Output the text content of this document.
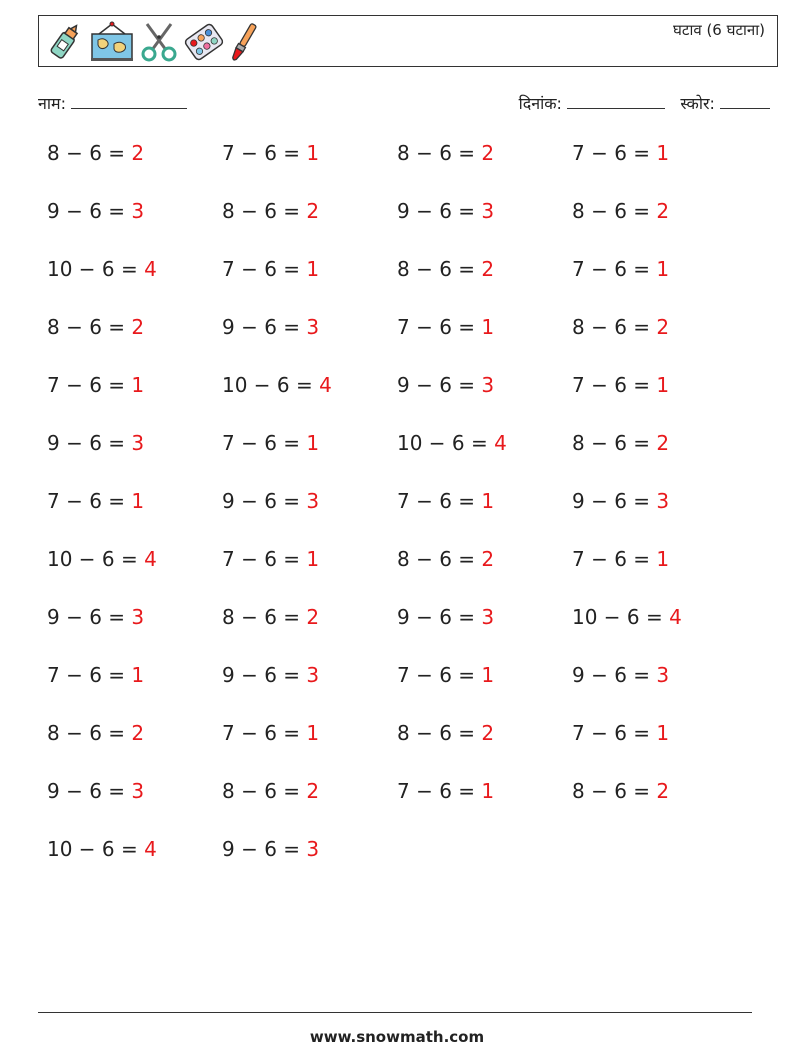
घटाव (6 घटाना)
नाम:	दिनांक:	स्कोर:
8 − 6 = 2	7 − 6 = 1	8 − 6 = 2	7 − 6 = 1
9 − 6 = 3	8 − 6 = 2	9 − 6 = 3	8 − 6 = 2
10 − 6 = 4	7 − 6 = 1	8 − 6 = 2	7 − 6 = 1
8 − 6 = 2	9 − 6 = 3	7 − 6 = 1	8 − 6 = 2
7 − 6 = 1	10 − 6 = 4	9 − 6 = 3	7 − 6 = 1
9 − 6 = 3	7 − 6 = 1	10 − 6 = 4	8 − 6 = 2
7 − 6 = 1	9 − 6 = 3	7 − 6 = 1	9 − 6 = 3
10 − 6 = 4	7 − 6 = 1	8 − 6 = 2	7 − 6 = 1
9 − 6 = 3	8 − 6 = 2	9 − 6 = 3	10 − 6 = 4
7 − 6 = 1	9 − 6 = 3	7 − 6 = 1	9 − 6 = 3
8 − 6 = 2	7 − 6 = 1	8 − 6 = 2	7 − 6 = 1
9 − 6 = 3	8 − 6 = 2	7 − 6 = 1	8 − 6 = 2
10 − 6 = 4	9 − 6 = 3
www.snowmath.com
